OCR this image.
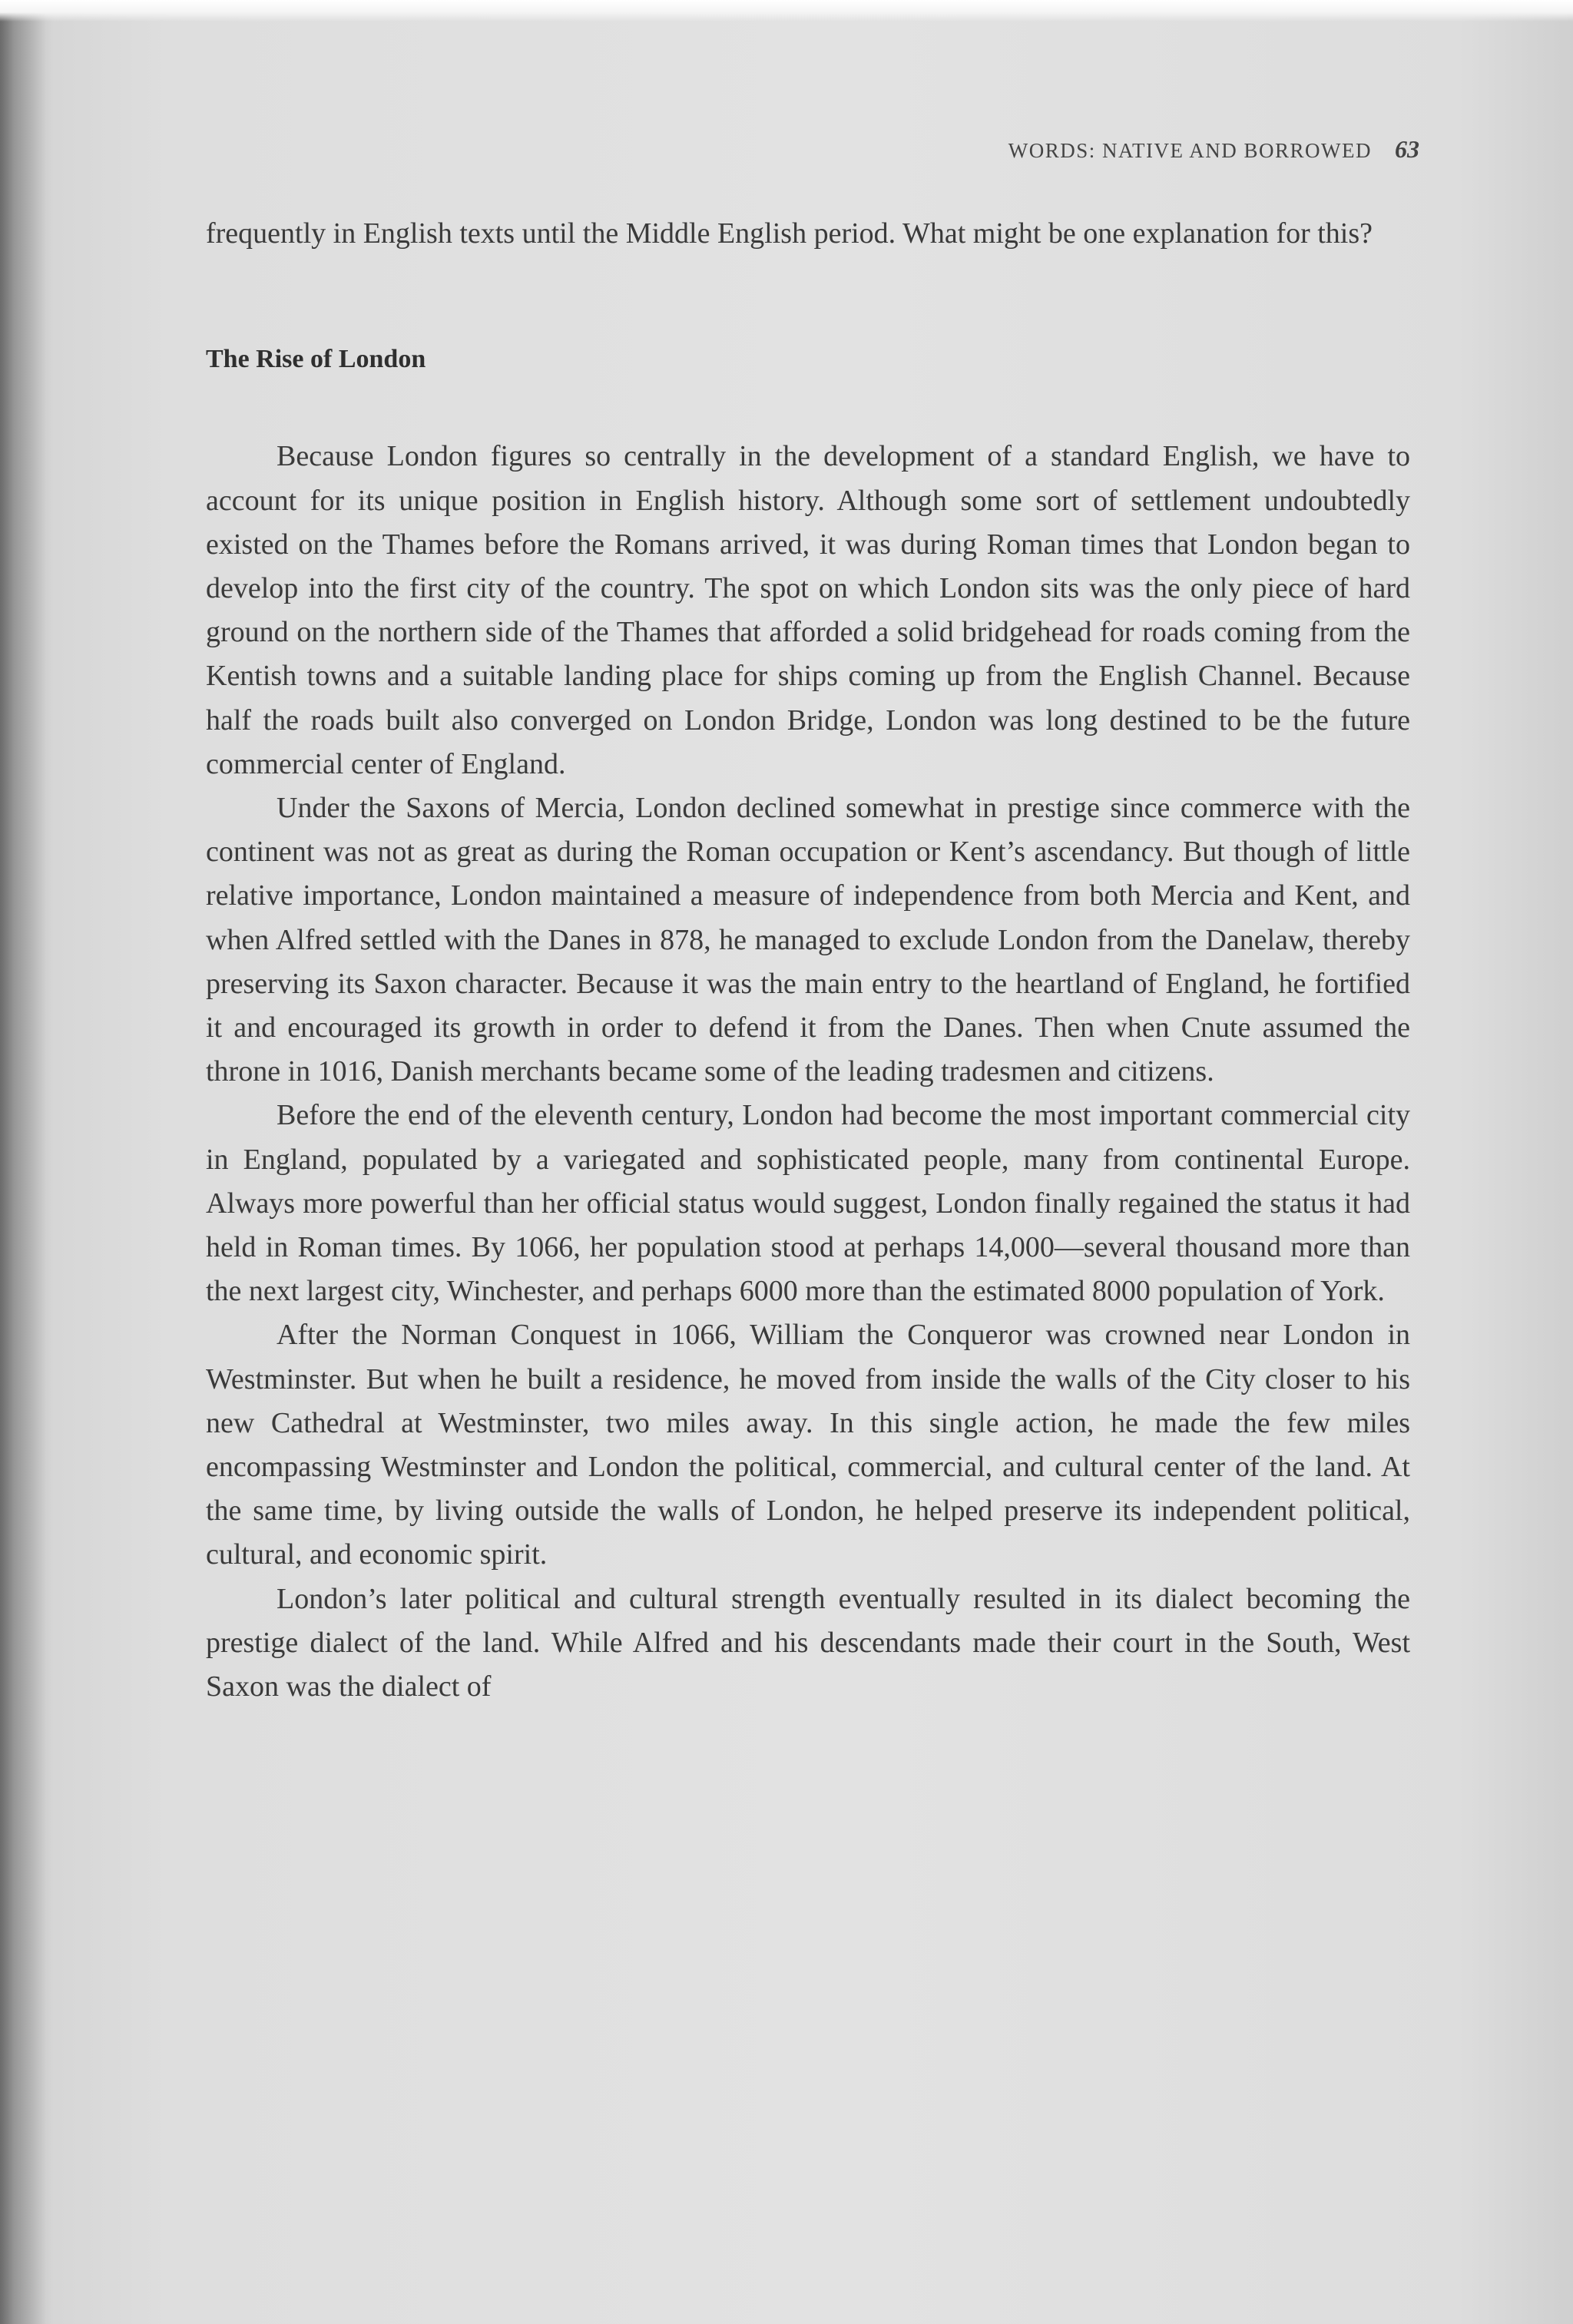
WORDS: NATIVE AND BORROWED 63

frequently in English texts until the Middle English period. What might be one explanation for this?

The Rise of London

Because London figures so centrally in the development of a standard English, we have to account for its unique position in English history. Although some sort of settlement undoubtedly existed on the Thames before the Romans arrived, it was during Roman times that London began to develop into the first city of the country. The spot on which London sits was the only piece of hard ground on the northern side of the Thames that afforded a solid bridgehead for roads coming from the Kentish towns and a suitable landing place for ships coming up from the English Channel. Because half the roads built also converged on London Bridge, London was long destined to be the future commercial center of England.

Under the Saxons of Mercia, London declined somewhat in prestige since commerce with the continent was not as great as during the Roman occupation or Kent’s ascendancy. But though of little relative importance, London maintained a measure of independence from both Mercia and Kent, and when Alfred settled with the Danes in 878, he managed to exclude London from the Danelaw, thereby preserving its Saxon character. Because it was the main entry to the heartland of England, he fortified it and encouraged its growth in order to defend it from the Danes. Then when Cnute assumed the throne in 1016, Danish merchants became some of the leading tradesmen and citizens.

Before the end of the eleventh century, London had become the most important commercial city in England, populated by a variegated and sophisticated people, many from continental Europe. Always more powerful than her official status would suggest, London finally regained the status it had held in Roman times. By 1066, her population stood at perhaps 14,000—several thousand more than the next largest city, Winchester, and perhaps 6000 more than the estimated 8000 population of York.

After the Norman Conquest in 1066, William the Conqueror was crowned near London in Westminster. But when he built a residence, he moved from inside the walls of the City closer to his new Cathedral at Westminster, two miles away. In this single action, he made the few miles encompassing Westminster and London the political, commercial, and cultural center of the land. At the same time, by living outside the walls of London, he helped preserve its independent political, cultural, and economic spirit.

London’s later political and cultural strength eventually resulted in its dialect becoming the prestige dialect of the land. While Alfred and his descendants made their court in the South, West Saxon was the dialect of
